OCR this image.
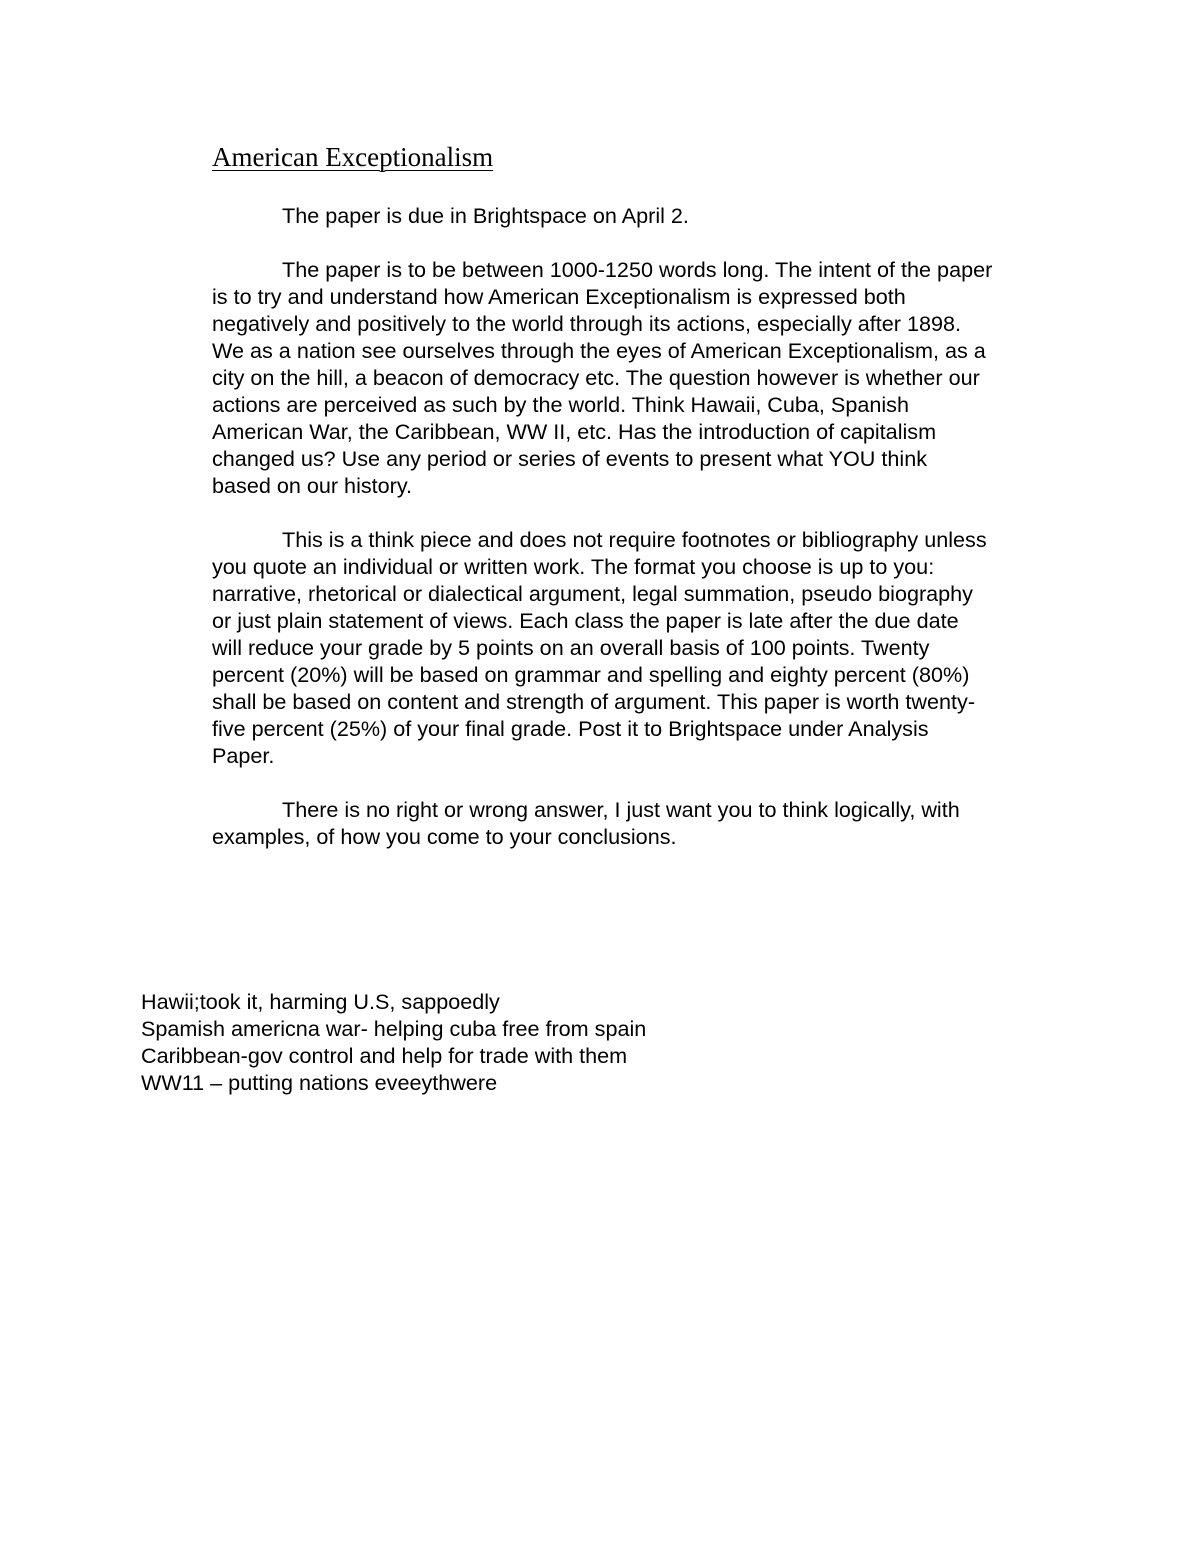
American Exceptionalism

The paper is due in Brightspace on April 2.

The paper is to be between 1000-1250 words long. The intent of the paper
is to try and understand how American Exceptionalism is expressed both
negatively and positively to the world through its actions, especially after 1898.
We as a nation see ourselves through the eyes of American Exceptionalism, as a
city on the hill, a beacon of democracy etc. The question however is whether our
actions are perceived as such by the world. Think Hawaii, Cuba, Spanish
American War, the Caribbean, WW II, etc. Has the introduction of capitalism
changed us? Use any period or series of events to present what YOU think
based on our history.

This is a think piece and does not require footnotes or bibliography unless
you quote an individual or written work. The format you choose is up to you:
narrative, rhetorical or dialectical argument, legal summation, pseudo biography
or just plain statement of views. Each class the paper is late after the due date
will reduce your grade by 5 points on an overall basis of 100 points. Twenty
percent (20%) will be based on grammar and spelling and eighty percent (80%)
shall be based on content and strength of argument. This paper is worth twenty-
five percent (25%) of your final grade. Post it to Brightspace under Analysis
Paper.

There is no right or wrong answer, I just want you to think logically, with
examples, of how you come to your conclusions.

Hawii;took it, harming U.S, sappoedly
Spamish americna war- helping cuba free from spain
Caribbean-gov control and help for trade with them
WW11 – putting nations eveeythwere
